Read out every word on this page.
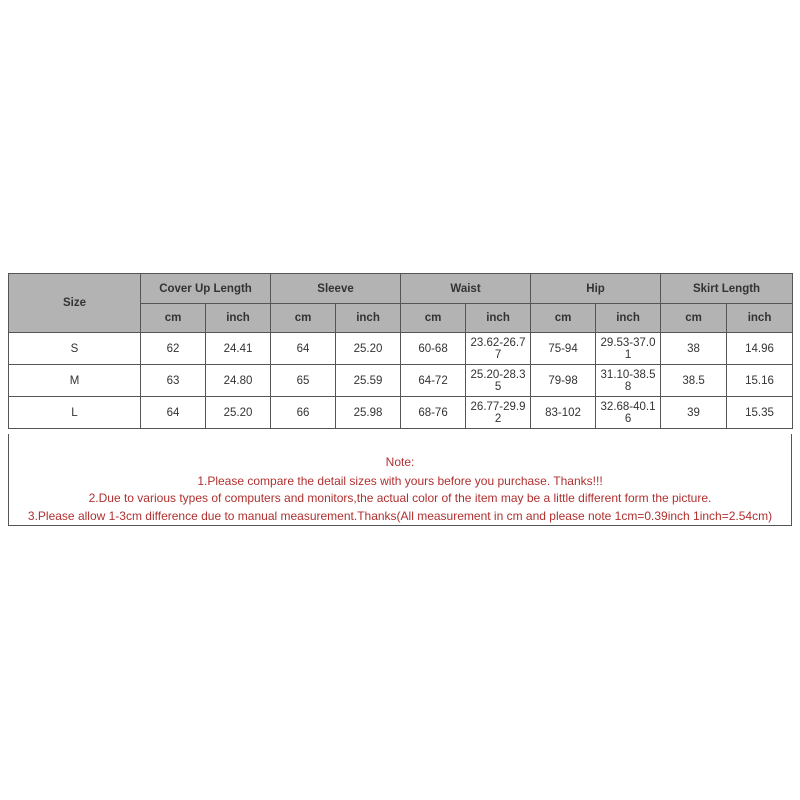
Size	Cover Up Length		Sleeve		Waist		Hip		Skirt Length	
	cm	inch	cm	inch	cm	inch	cm	inch	cm	inch
S	62	24.41	64	25.20	60-68	23.62-26.77	75-94	29.53-37.01	38	14.96
M	63	24.80	65	25.59	64-72	25.20-28.35	79-98	31.10-38.58	38.5	15.16
L	64	25.20	66	25.98	68-76	26.77-29.92	83-102	32.68-40.16	39	15.35
Note:
1.Please compare the detail sizes with yours before you purchase. Thanks!!!
2.Due to various types of computers and monitors,the actual color of the item may be a little different form the picture.
3.Please allow 1-3cm difference due to manual measurement.Thanks(All measurement in cm and please note 1cm=0.39inch 1inch=2.54cm)
